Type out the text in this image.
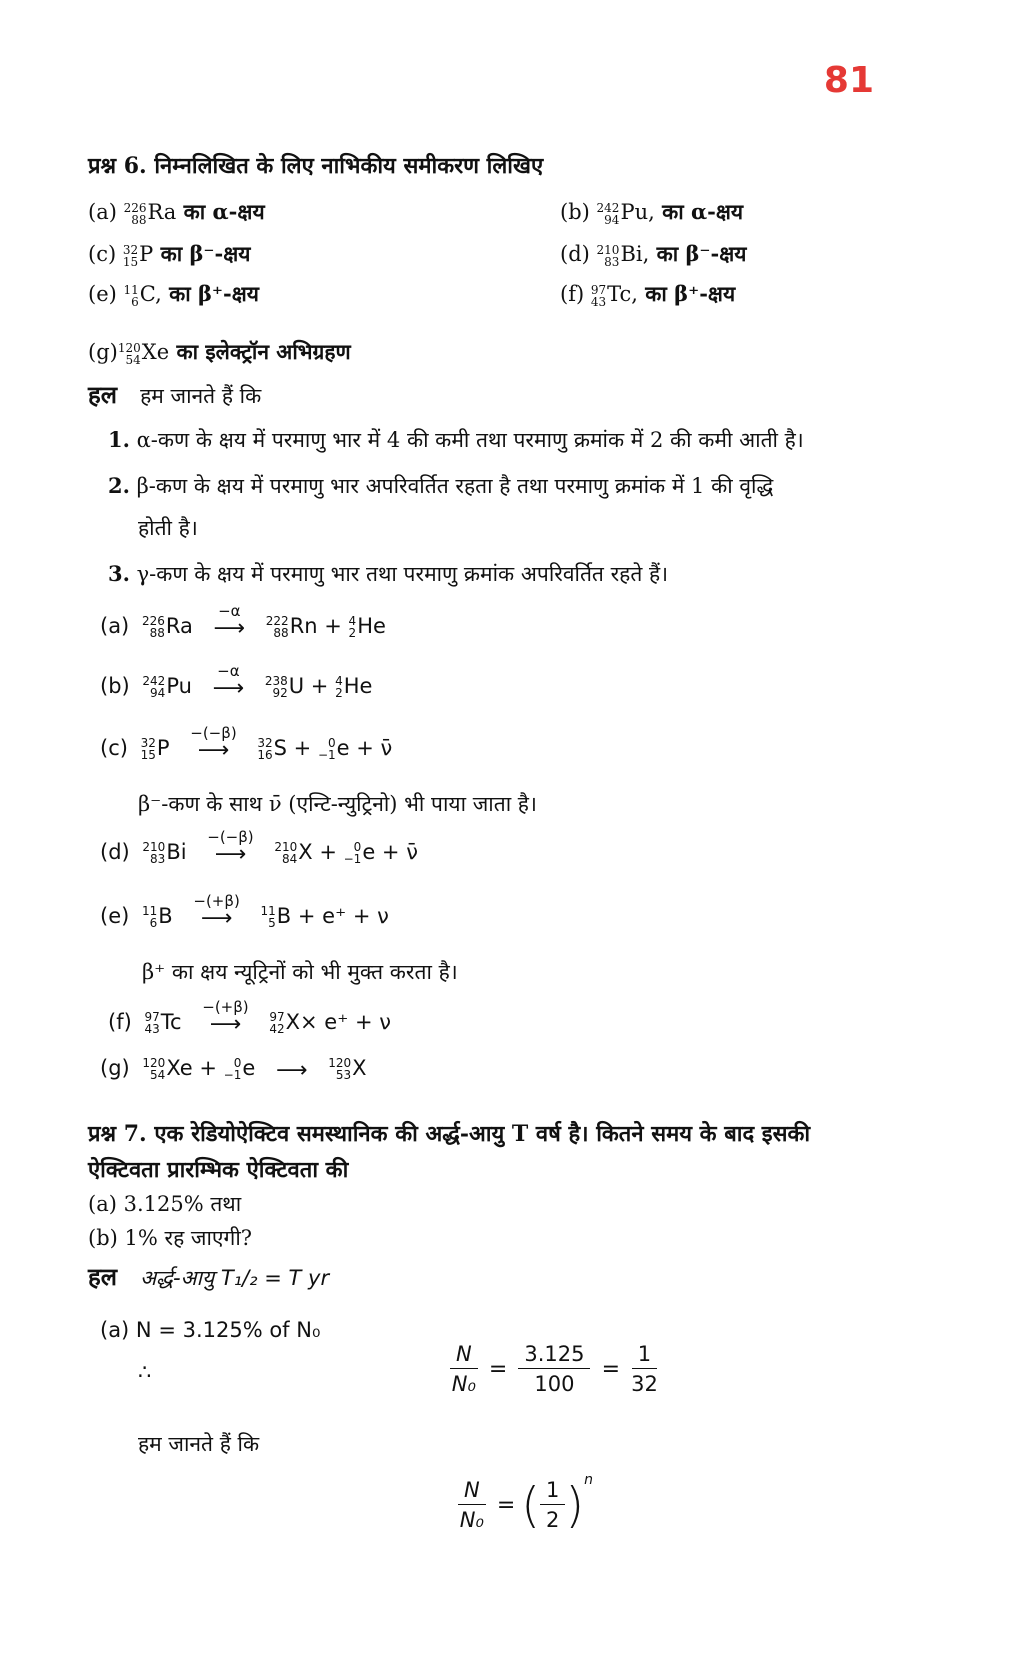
81
प्रश्न 6. निम्नलिखित के लिए नाभिकीय समीकरण लिखिए
(a) 226
88 Ra का α-क्षय	(b) 242
94 Pu, का α-क्षय
(c) 32
15 P का β⁻-क्षय	(d) 210
83 Bi, का β⁻-क्षय
(e) 11
6 C, का β⁺-क्षय	(f) 97
43 Tc, का β⁺-क्षय
(g) 120
54 Xe का इलेक्ट्रॉन अभिग्रहण
हल हम जानते हैं कि
1. α-कण के क्षय में परमाणु भार में 4 की कमी तथा परमाणु क्रमांक में 2 की कमी आती है।
2. β-कण के क्षय में परमाणु भार अपरिवर्तित रहता है तथा परमाणु क्रमांक में 1 की वृद्धि
होती है।
3. γ-कण के क्षय में परमाणु भार तथा परमाणु क्रमांक अपरिवर्तित रहते हैं।
(a) 226
88 Ra
−α
⟶
222
88 Rn + 4
2 He
(b) 242
94 Pu
−α
⟶
238
92 U + 4
2 He
(c) 32
15 P
−(−β)
⟶
32
16 S + 0
−1 e + ν̄
β⁻-कण के साथ ν̄ (एन्टि-न्युट्रिनो) भी पाया जाता है।
(d) 210
83 Bi
−(−β)
⟶
210
84 X + 0
−1 e + ν̄
(e) 11
6 B
−(+β)
⟶
11
5 B + e⁺ + ν
β⁺ का क्षय न्यूट्रिनों को भी मुक्त करता है।
(f) 97
43 Tc
−(+β)
⟶
97
42 X× e⁺ + ν
(g) 120
54 Xe + 0
−1 e ⟶
120
53 X
प्रश्न 7. एक रेडियोऐक्टिव समस्थानिक की अर्द्ध-आयु T वर्ष है। कितने समय के बाद इसकी
ऐक्टिवता प्रारम्भिक ऐक्टिवता की
(a) 3.125% तथा
(b) 1% रह जाएगी?
हल अर्द्ध-आयु T₁/₂ = T yr
(a) N = 3.125% of N₀
∴	$\frac{N}{\text{N₀}} = \frac{3.125}{100} = \frac{1}{32}$
हम जानते हैं कि
$\frac{N}{\text{N₀}}$ = ( $\frac{1}{2} )^n$
